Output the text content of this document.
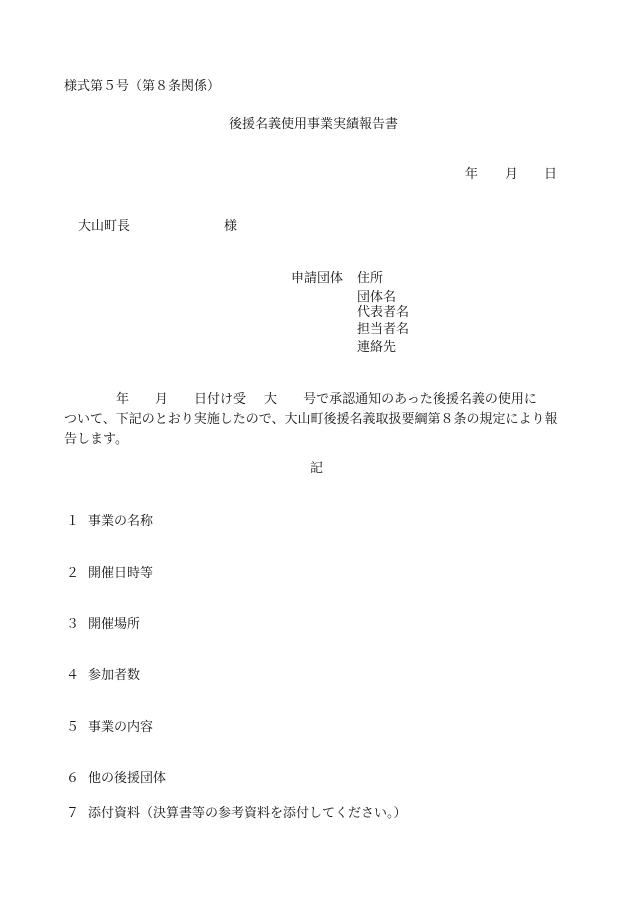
様式第５号（第８条関係）
後援名義使用事業実績報告書
年 月 日
大山町長	様
申請団体 住所
団体名
代表者名
担当者名
連絡先
年 月 日付け受 大 号で承認通知のあった後援名義の使用に
ついて、下記のとおり実施したので、大山町後援名義取扱要綱第８条の規定により報
告します。
記
１ 事業の名称
２ 開催日時等
３ 開催場所
４ 参加者数
５ 事業の内容
６ 他の後援団体
７ 添付資料（決算書等の参考資料を添付してください。）
